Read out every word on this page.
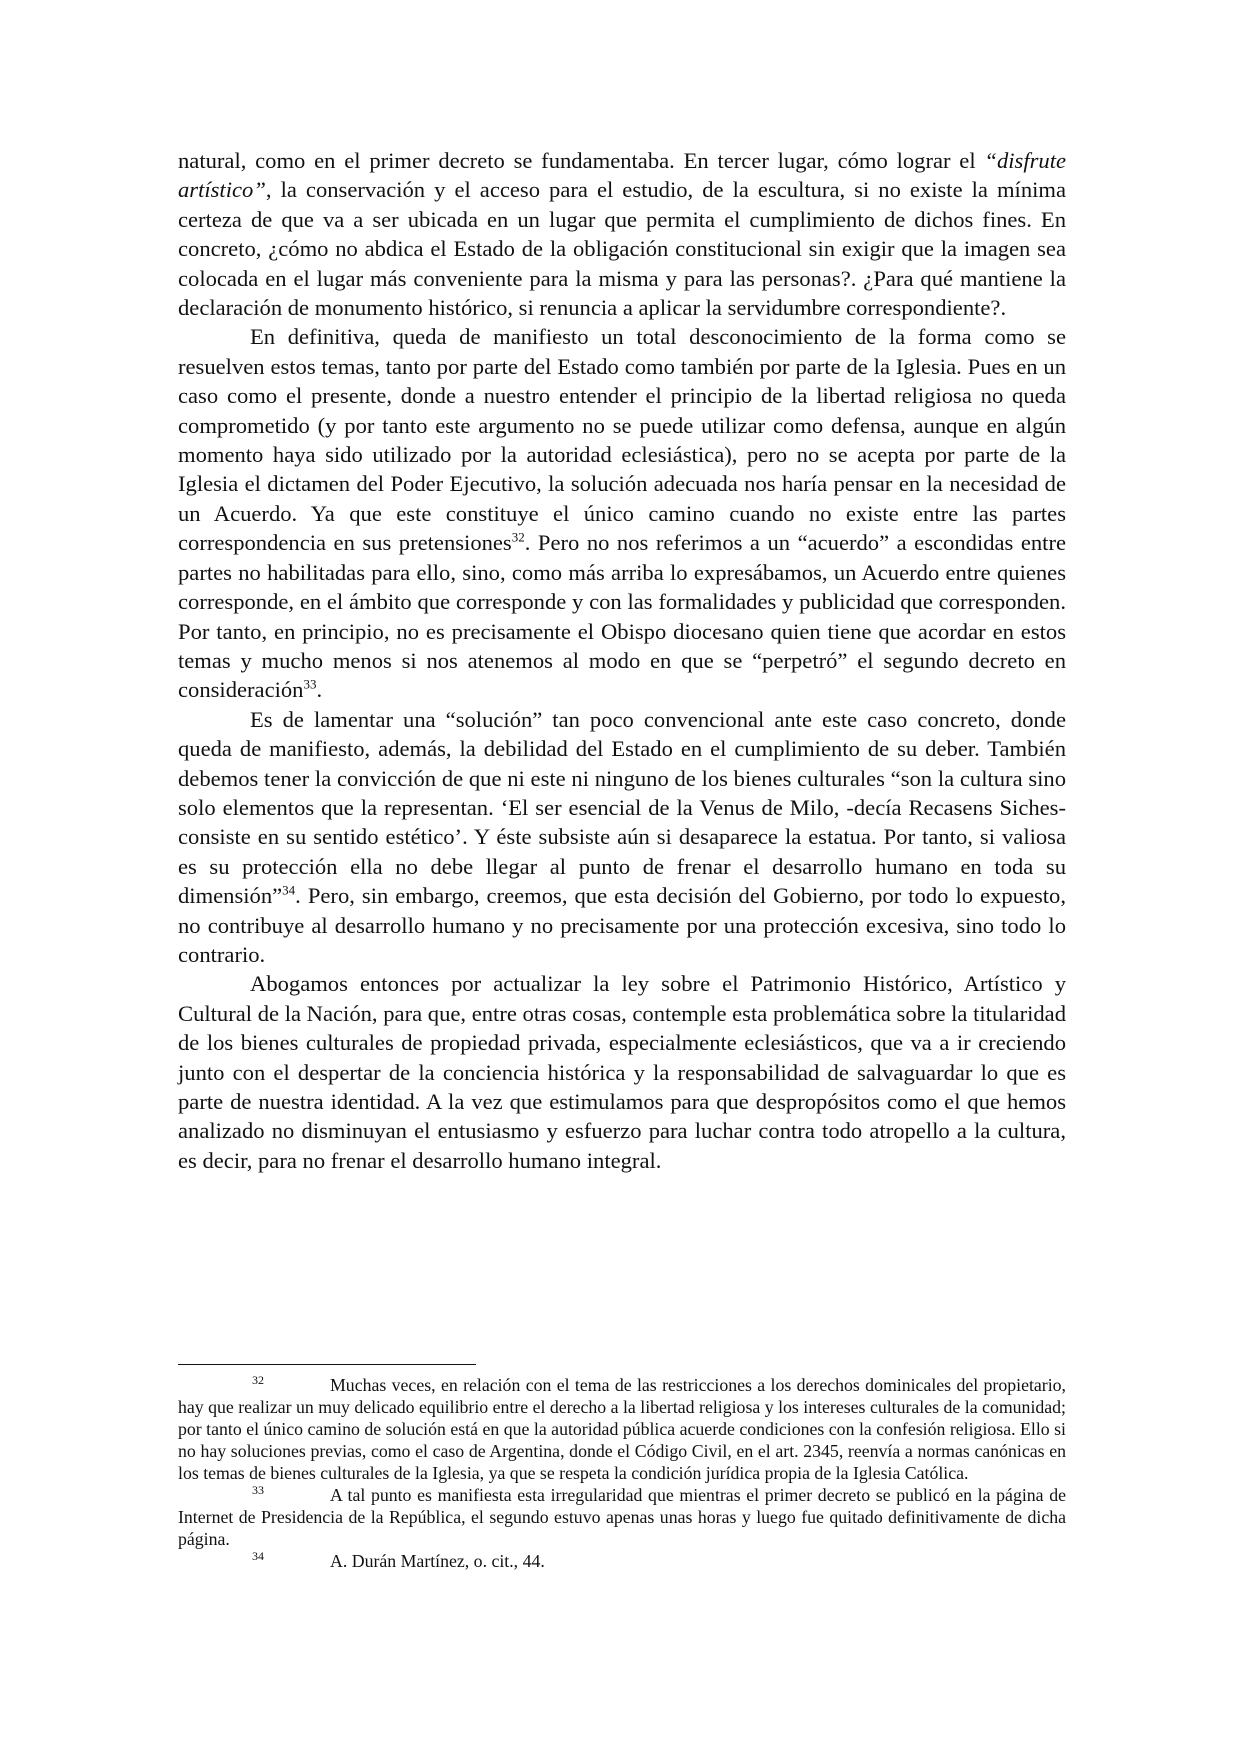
natural, como en el primer decreto se fundamentaba. En tercer lugar, cómo lograr el “disfrute artístico”, la conservación y el acceso para el estudio, de la escultura, si no existe la mínima certeza de que va a ser ubicada en un lugar que permita el cumplimiento de dichos fines. En concreto, ¿cómo no abdica el Estado de la obligación constitucional sin exigir que la imagen sea colocada en el lugar más conveniente para la misma y para las personas?. ¿Para qué mantiene la declaración de monumento histórico, si renuncia a aplicar la servidumbre correspondiente?.

En definitiva, queda de manifiesto un total desconocimiento de la forma como se resuelven estos temas, tanto por parte del Estado como también por parte de la Iglesia. Pues en un caso como el presente, donde a nuestro entender el principio de la libertad religiosa no queda comprometido (y por tanto este argumento no se puede utilizar como defensa, aunque en algún momento haya sido utilizado por la autoridad eclesiástica), pero no se acepta por parte de la Iglesia el dictamen del Poder Ejecutivo, la solución adecuada nos haría pensar en la necesidad de un Acuerdo. Ya que este constituye el único camino cuando no existe entre las partes correspondencia en sus pretensiones$^{32}$. Pero no nos referimos a un “acuerdo” a escondidas entre partes no habilitadas para ello, sino, como más arriba lo expresábamos, un Acuerdo entre quienes corresponde, en el ámbito que corresponde y con las formalidades y publicidad que corresponden. Por tanto, en principio, no es precisamente el Obispo diocesano quien tiene que acordar en estos temas y mucho menos si nos atenemos al modo en que se “perpetró” el segundo decreto en consideración$^{33}$.

Es de lamentar una “solución” tan poco convencional ante este caso concreto, donde queda de manifiesto, además, la debilidad del Estado en el cumplimiento de su deber. También debemos tener la convicción de que ni este ni ninguno de los bienes culturales “son la cultura sino solo elementos que la representan. ‘El ser esencial de la Venus de Milo, -decía Recasens Siches- consiste en su sentido estético’. Y éste subsiste aún si desaparece la estatua. Por tanto, si valiosa es su protección ella no debe llegar al punto de frenar el desarrollo humano en toda su dimensión”$^{34}$. Pero, sin embargo, creemos, que esta decisión del Gobierno, por todo lo expuesto, no contribuye al desarrollo humano y no precisamente por una protección excesiva, sino todo lo contrario.

Abogamos entonces por actualizar la ley sobre el Patrimonio Histórico, Artístico y Cultural de la Nación, para que, entre otras cosas, contemple esta problemática sobre la titularidad de los bienes culturales de propiedad privada, especialmente eclesiásticos, que va a ir creciendo junto con el despertar de la conciencia histórica y la responsabilidad de salvaguardar lo que es parte de nuestra identidad. A la vez que estimulamos para que despropósitos como el que hemos analizado no disminuyan el entusiasmo y esfuerzo para luchar contra todo atropello a la cultura, es decir, para no frenar el desarrollo humano integral.

32	Muchas veces, en relación con el tema de las restricciones a los derechos dominicales del propietario, hay que realizar un muy delicado equilibrio entre el derecho a la libertad religiosa y los intereses culturales de la comunidad; por tanto el único camino de solución está en que la autoridad pública acuerde condiciones con la confesión religiosa. Ello si no hay soluciones previas, como el caso de Argentina, donde el Código Civil, en el art. 2345, reenvía a normas canónicas en los temas de bienes culturales de la Iglesia, ya que se respeta la condición jurídica propia de la Iglesia Católica.

33	A tal punto es manifiesta esta irregularidad que mientras el primer decreto se publicó en la página de Internet de Presidencia de la República, el segundo estuvo apenas unas horas y luego fue quitado definitivamente de dicha página.

34	A. Durán Martínez, o. cit., 44.
